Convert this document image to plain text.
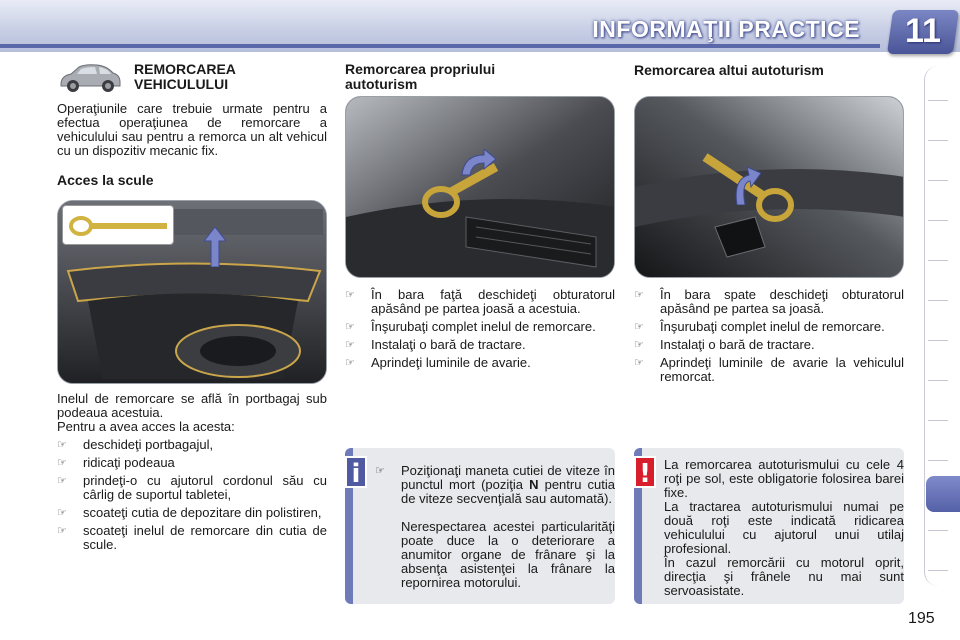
INFORMAŢII PRACTICE 11
REMORCAREA
VEHICULULUI
Operaţiunile care trebuie urmate pentru a efectua operaţiunea de remorcare a vehiculului sau pentru a remorca un alt vehicul cu un dispozitiv mecanic fix.
Acces la scule
Inelul de remorcare se află în portbagaj sub podeaua acestuia.
Pentru a avea acces la acesta:
☞ deschideţi portbagajul,
☞ ridicaţi podeaua
☞ prindeţi-o cu ajutorul cordonul său cu cârlig de suportul tabletei,
☞ scoateţi cutia de depozitare din polistiren,
☞ scoateţi inelul de remorcare din cutia de scule.
Remorcarea propriului
autoturism
☞ În bara faţă deschideţi obturatorul apăsând pe partea joasă a acestuia.
☞ Înşurubaţi complet inelul de remorcare.
☞ Instalaţi o bară de tractare.
☞ Aprindeţi luminile de avarie.
i	☞ Poziţionaţi maneta cutiei de viteze în punctul mort (poziţia N pentru cutia de viteze secvenţială sau automată).
Nerespectarea acestei particularităţi poate duce la o deteriorare a anumitor organe de frânare şi la absenţa asistenţei la frânare la repornirea motorului.
Remorcarea altui autoturism
☞ În bara spate deschideţi obturatorul apăsând pe partea sa joasă.
☞ Înşurubaţi complet inelul de remorcare.
☞ Instalaţi o bară de tractare.
☞ Aprindeţi luminile de avarie la vehiculul remorcat.
!	La remorcarea autoturismului cu cele 4 roţi pe sol, este obligatorie folosirea barei fixe.
La tractarea autoturismului numai pe două roţi este indicată ridicarea vehiculului cu ajutorul unui utilaj profesional.
În cazul remorcării cu motorul oprit, direcţia şi frânele nu mai sunt servoasistate.
195
